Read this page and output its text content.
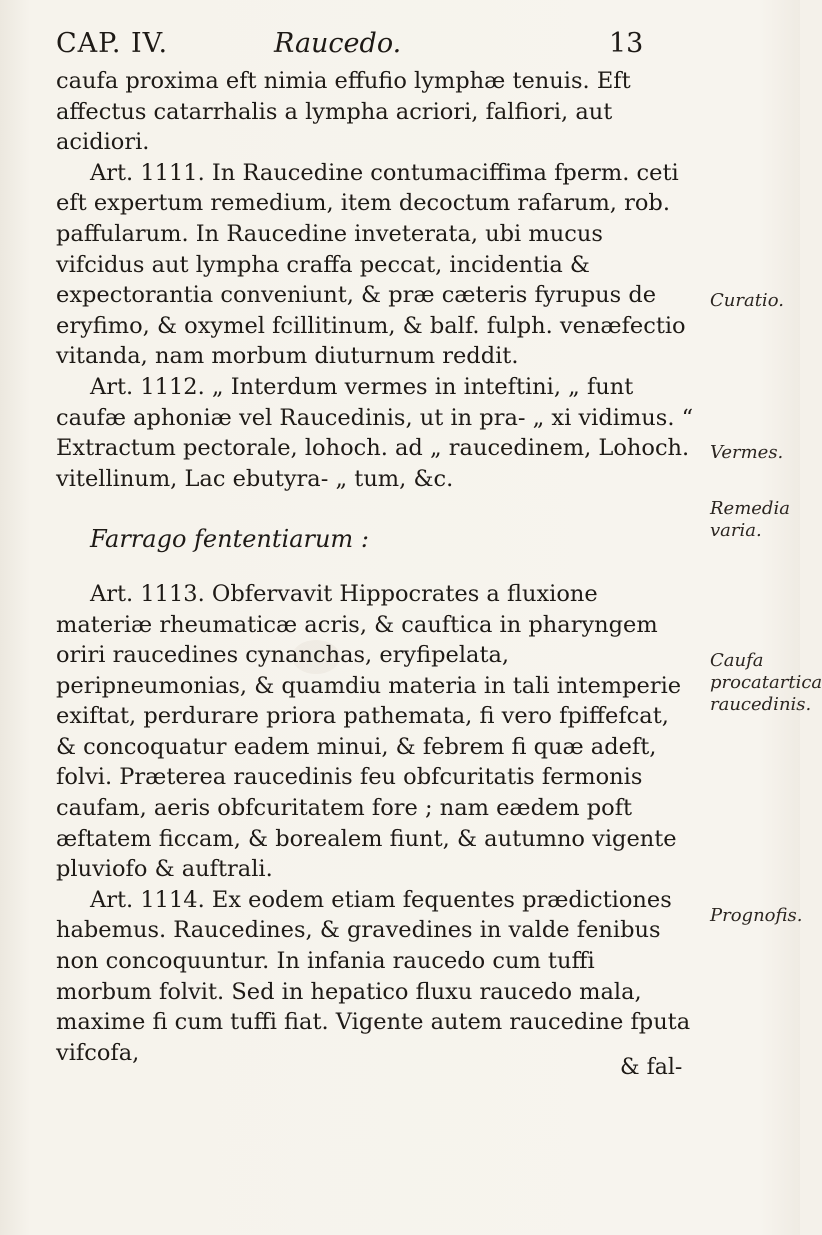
CAP. IV.	Raucedo.	13

caufa proxima eft nimia effufio lymphæ tenuis. Eft affectus catarrhalis a lympha acriori, falfiori, aut acidiori.

Art. 1111. In Raucedine contumaciffima fperm. ceti eft expertum remedium, item decoctum rafarum, rob. paffularum. In Raucedine inveterata, ubi mucus vifcidus aut lympha craffa peccat, incidentia & expectorantia conveniunt, & præ cæteris fyrupus de eryfimo, & oxymel fcillitinum, & balf. fulph. venæfectio vitanda, nam morbum diuturnum reddit.

Art. 1112. „ Interdum vermes in inteftini, „ funt caufæ aphoniæ vel Raucedinis, ut in pra- „ xi vidimus. “ Extractum pectorale, lohoch. ad „ raucedinem, Lohoch. vitellinum, Lac ebutyra- „ tum, &c.

Farrago fententiarum :

Art. 1113. Obfervavit Hippocrates a fluxione materiæ rheumaticæ acris, & cauftica in pharyngem oriri raucedines cynanchas, eryfipelata, peripneumonias, & quamdiu materia in tali intemperie exiftat, perdurare priora pathemata, fi vero fpiffefcat, & concoquatur eadem minui, & febrem fi quæ adeft, folvi. Præterea raucedinis feu obfcuritatis fermonis caufam, aeris obfcuritatem fore ; nam eædem poft æftatem ficcam, & borealem fiunt, & autumno vigente pluviofo & auftrali.

Art. 1114. Ex eodem etiam fequentes prædictiones habemus. Raucedines, & gravedines in valde fenibus non concoquuntur. In infania raucedo cum tuffi morbum folvit. Sed in hepatico fluxu raucedo mala, maxime fi cum tuffi fiat. Vigente autem raucedine fputa vifcofa,

Curatio.
Vermes.
Remedia varia.
Caufa procatartica raucedinis.
Prognofis.
& fal-
